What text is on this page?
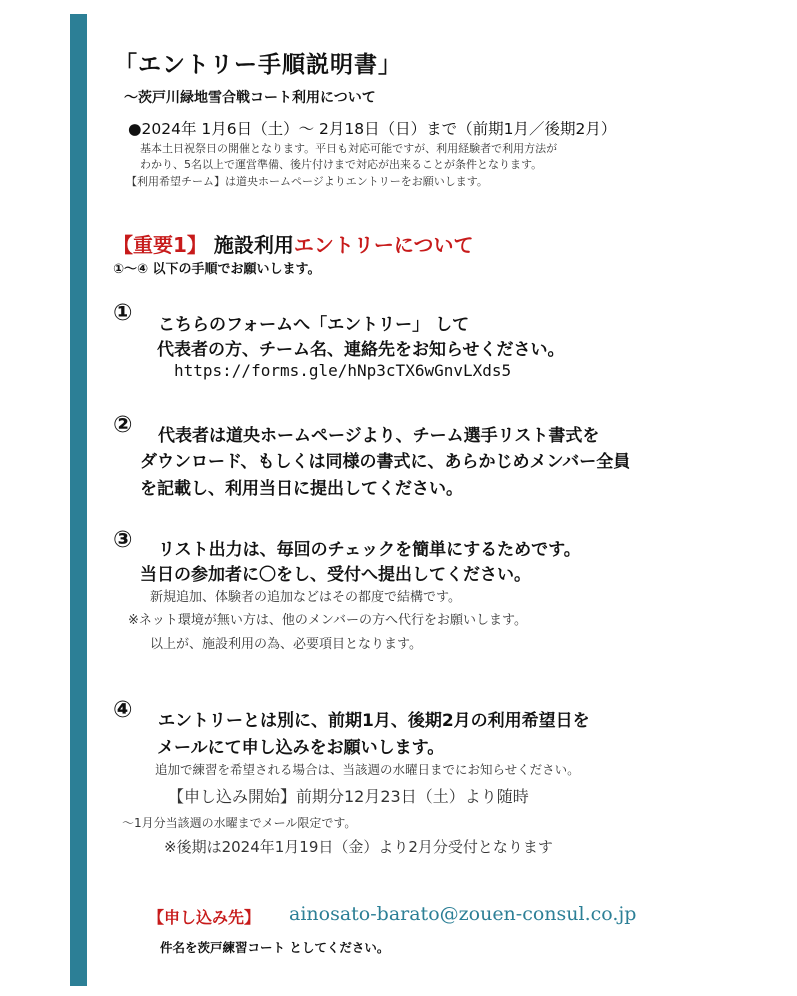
「エントリー手順説明書」
～茨戸川緑地雪合戦コート利用について
●2024年 1月6日（土）～ 2月18日（日）まで（前期1月／後期2月）
基本土日祝祭日の開催となります。平日も対応可能ですが、利用経験者で利用方法が
わかり、5名以上で運営準備、後片付けまで対応が出来ることが条件となります。
【利用希望チーム】は道央ホームページよりエントリーをお願いします。
【重要1】 施設利用エントリーについて
①～④ 以下の手順でお願いします。
① こちらのフォームへ「エントリー」 して
代表者の方、チーム名、連絡先をお知らせください。
https://forms.gle/hNp3cTX6wGnvLXds5
② 代表者は道央ホームページより、チーム選手リスト書式を
ダウンロード、もしくは同様の書式に、あらかじめメンバー全員
を記載し、利用当日に提出してください。
③ リスト出力は、毎回のチェックを簡単にするためです。
当日の参加者に〇をし、受付へ提出してください。
新規追加、体験者の追加などはその都度で結構です。
※ネット環境が無い方は、他のメンバーの方へ代行をお願いします。
以上が、施設利用の為、必要項目となります。
④ エントリーとは別に、前期1月、後期2月の利用希望日を
メールにて申し込みをお願いします。
追加で練習を希望される場合は、当該週の水曜日までにお知らせください。
【申し込み開始】前期分12月23日（土）より随時
～1月分当該週の水曜までメール限定です。
※後期は2024年1月19日（金）より2月分受付となります
【申し込み先】 ainosato-barato@zouen-consul.co.jp
件名を茨戸練習コート としてください。
